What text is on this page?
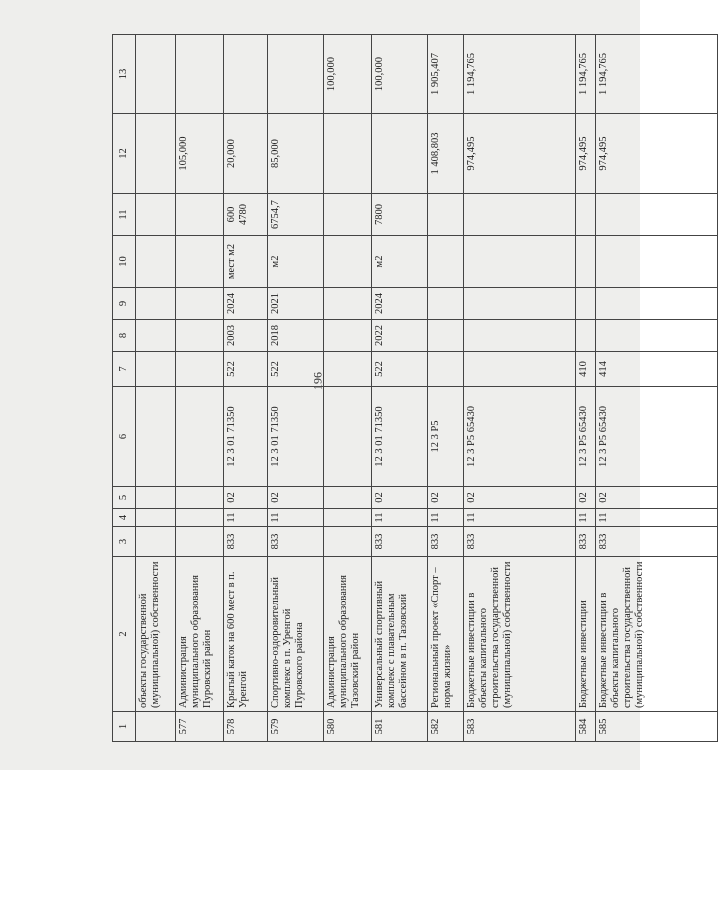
196
1	2	3	4	5	6	7	8	9	10	11	12	13
	объекты государственной (муниципальной) собственности											
577	Администрация муниципального образования Пуровский район										105,000	
578	Крытый каток на 600 мест в п. Уренгой	833	11	02	12 3 01 71350	522	2003	2024	мест м2	600 4780	20,000	
579	Спортивно-оздоровительный комплекс в п. Уренгой Пуровского района	833	11	02	12 3 01 71350	522	2018	2021	м2	6754,7	85,000	
580	Администрация муниципального образования Тазовский район											100,000
581	Универсальный спортивный комплекс с плавательным бассейном в п. Тазовский	833	11	02	12 3 01 71350	522	2022	2024	м2	7800		100,000
582	Региональный проект «Спорт – норма жизни»	833	11	02	12 3 P5						1 408,803	1 905,407
583	Бюджетные инвестиции в объекты капитального строительства государственной (муниципальной) собственности	833	11	02	12 3 P5 65430						974,495	1 194,765
584	Бюджетные инвестиции	833	11	02	12 3 P5 65430	410					974,495	1 194,765
585	Бюджетные инвестиции в объекты капитального строительства государственной (муниципальной) собственности	833	11	02	12 3 P5 65430	414					974,495	1 194,765
